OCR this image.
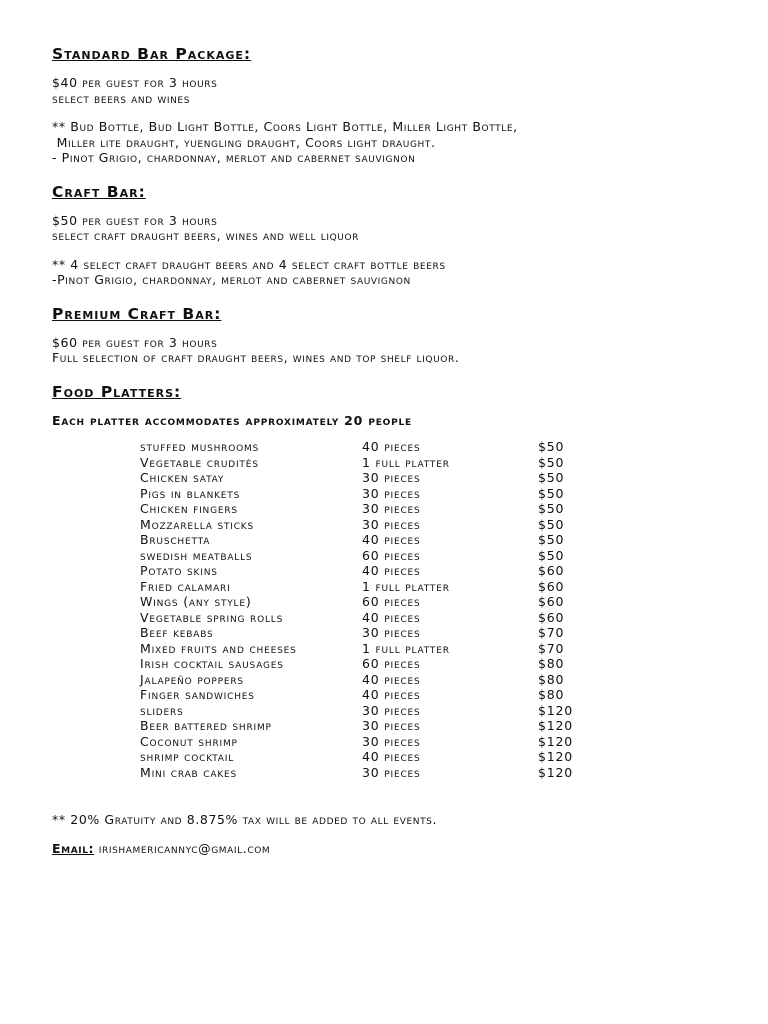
Standard Bar Package:
$40 per guest for 3 hours
select beers and wines
** Bud Bottle, Bud Light Bottle, Coors Light Bottle, Miller Light Bottle,
Miller lite draught, yuengling draught, Coors light draught.
- Pinot Grigio, chardonnay, merlot and cabernet sauvignon
Craft Bar:
$50 per guest for 3 hours
select craft draught beers, wines and well liquor
** 4 select craft draught beers and 4 select craft bottle beers
-Pinot Grigio, chardonnay, merlot and cabernet sauvignon
Premium Craft Bar:
$60 per guest for 3 hours
Full selection of craft draught beers, wines and top shelf liquor.
Food Platters:
Each platter accommodates approximately 20 people
stuffed mushrooms	40 pieces	$50
Vegetable crudités	1 full platter	$50
Chicken satay	30 pieces	$50
Pigs in blankets	30 pieces	$50
Chicken fingers	30 pieces	$50
Mozzarella sticks	30 pieces	$50
Bruschetta	40 pieces	$50
swedish meatballs	60 pieces	$50
Potato skins	40 pieces	$60
Fried calamari	1 full platter	$60
Wings (any style)	60 pieces	$60
Vegetable spring rolls	40 pieces	$60
Beef kebabs	30 pieces	$70
Mixed fruits and cheeses	1 full platter	$70
Irish cocktail sausages	60 pieces	$80
Jalapeño poppers	40 pieces	$80
Finger sandwiches	40 pieces	$80
sliders	30 pieces	$120
Beer battered shrimp	30 pieces	$120
Coconut shrimp	30 pieces	$120
shrimp cocktail	40 pieces	$120
Mini crab cakes	30 pieces	$120
** 20% Gratuity and 8.875% tax will be added to all events.
Email: irishamericannyc@gmail.com
